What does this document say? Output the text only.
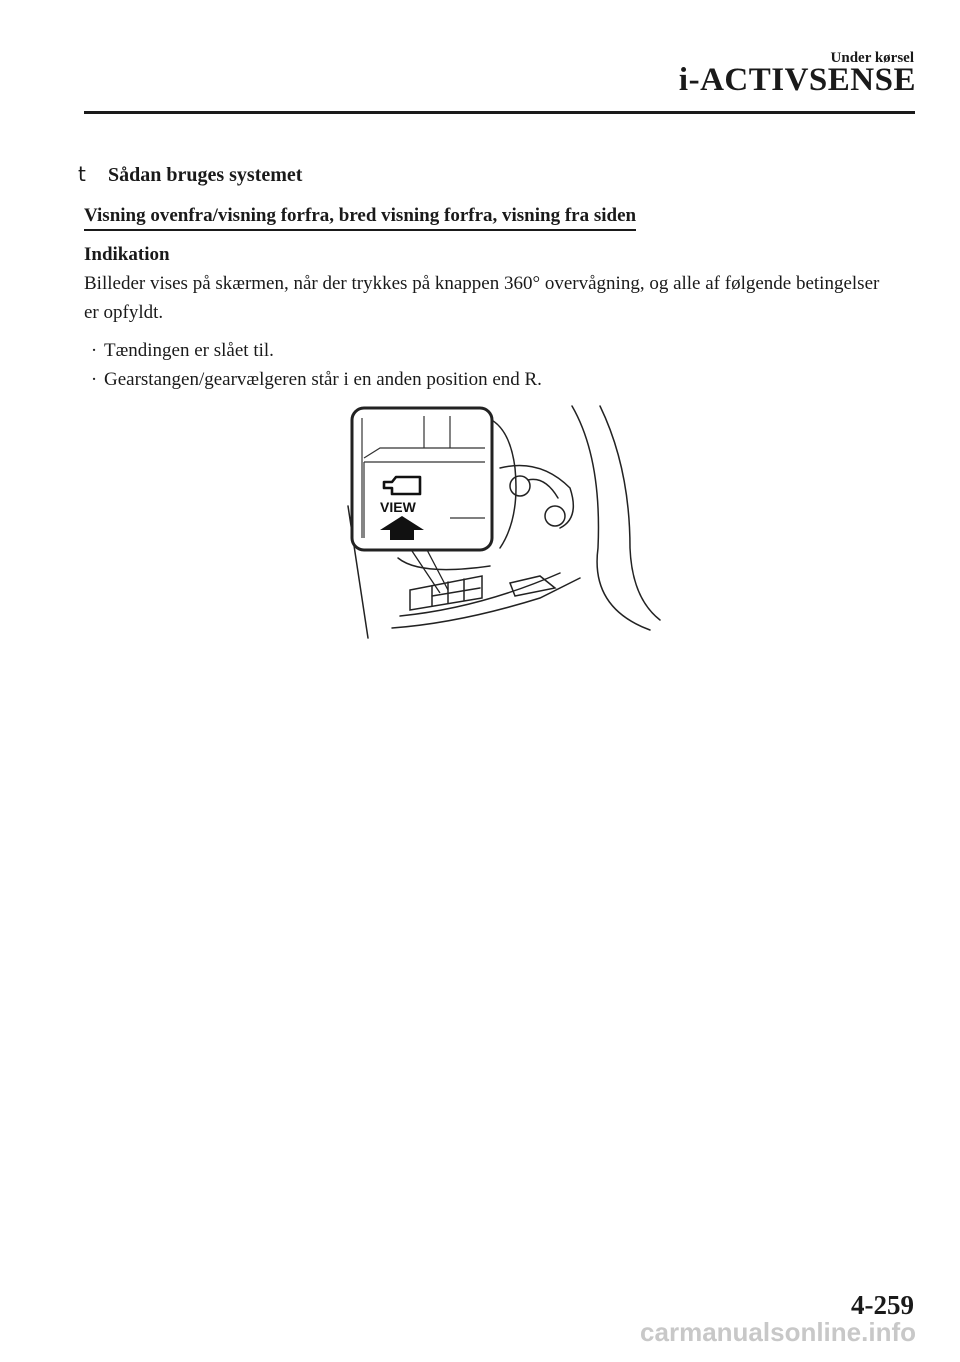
Under kørsel
i-ACTIVSENSE
t	Sådan bruges systemet
Visning ovenfra/visning forfra, bred visning forfra, visning fra siden
Indikation

Billeder vises på skærmen, når der trykkes på knappen 360° overvågning, og alle af følgende betingelser er opfyldt.

· Tændingen er slået til.
· Gearstangen/gearvælgeren står i en anden position end R.
VIEW
4-259
carmanualsonline.info
